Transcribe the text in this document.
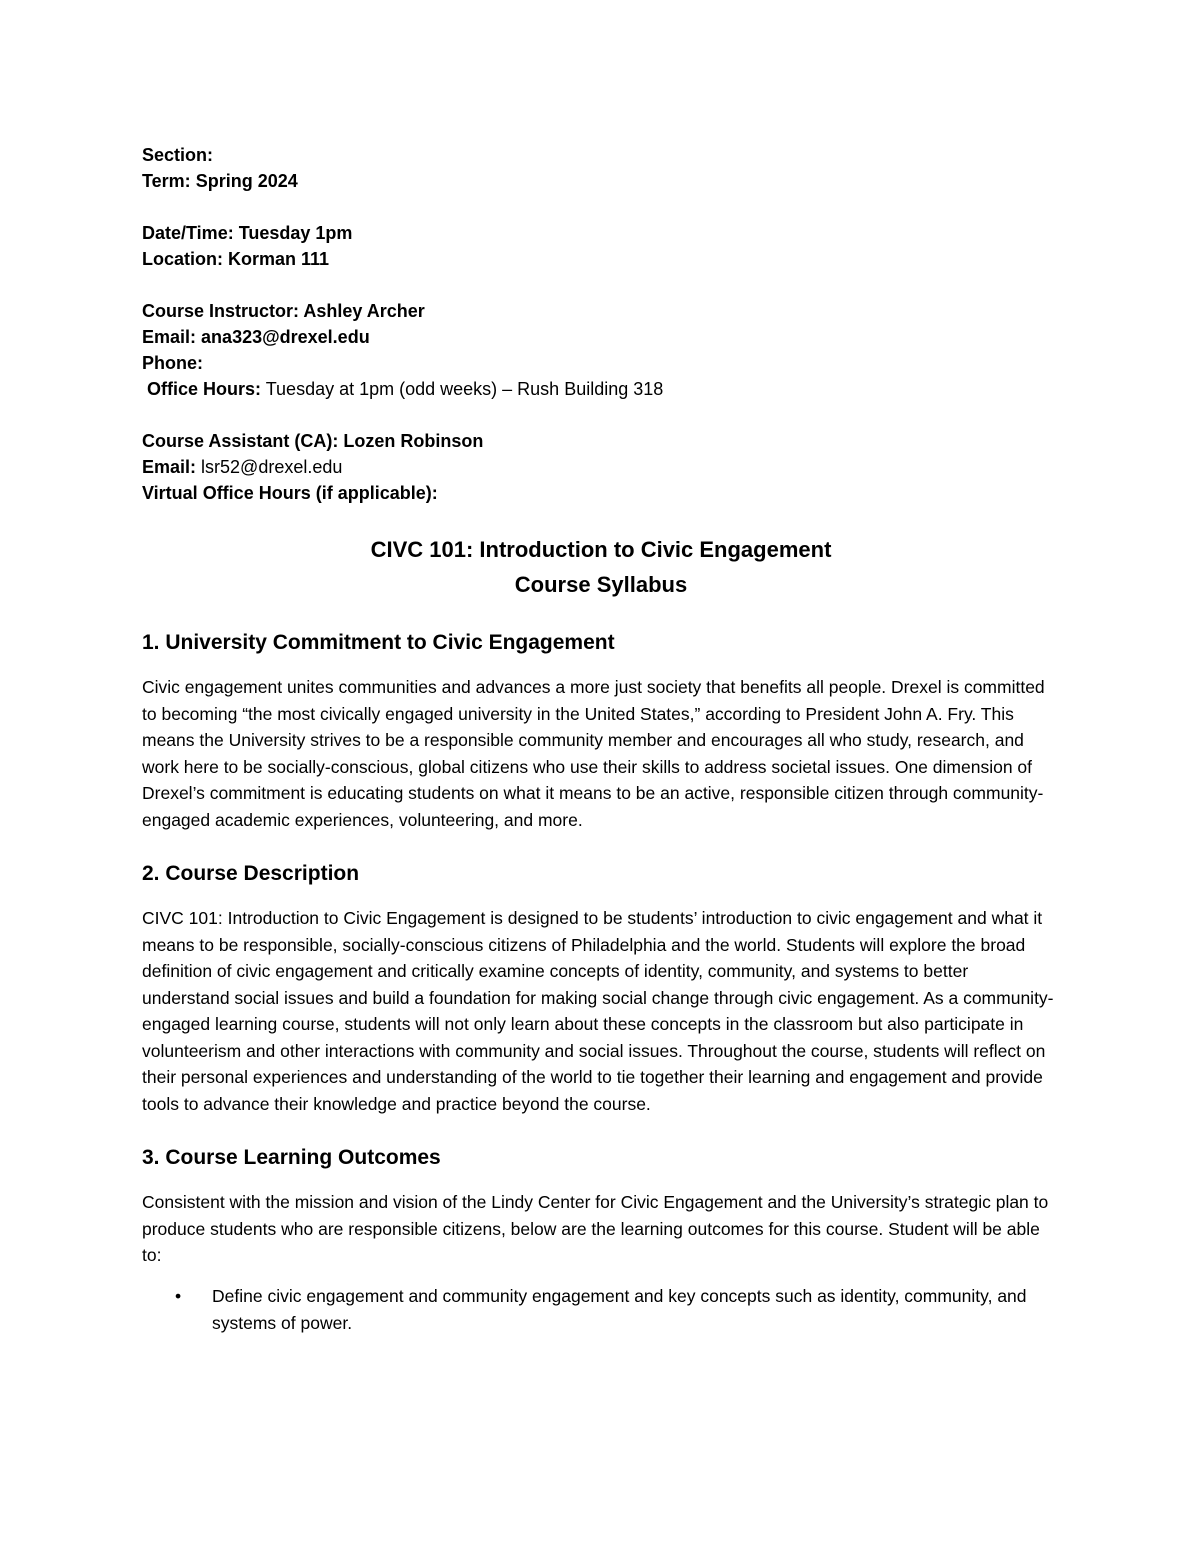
Section:
Term: Spring 2024
Date/Time: Tuesday 1pm
Location: Korman 111
Course Instructor: Ashley Archer
Email: ana323@drexel.edu
Phone:
Office Hours: Tuesday at 1pm (odd weeks) – Rush Building 318
Course Assistant (CA): Lozen Robinson
Email: lsr52@drexel.edu
Virtual Office Hours (if applicable):
CIVC 101: Introduction to Civic Engagement
Course Syllabus
1. University Commitment to Civic Engagement

Civic engagement unites communities and advances a more just society that benefits all people. Drexel is committed to becoming “the most civically engaged university in the United States,” according to President John A. Fry. This means the University strives to be a responsible community member and encourages all who study, research, and work here to be socially-conscious, global citizens who use their skills to address societal issues. One dimension of Drexel’s commitment is educating students on what it means to be an active, responsible citizen through community-engaged academic experiences, volunteering, and more.

2. Course Description

CIVC 101: Introduction to Civic Engagement is designed to be students’ introduction to civic engagement and what it means to be responsible, socially-conscious citizens of Philadelphia and the world. Students will explore the broad definition of civic engagement and critically examine concepts of identity, community, and systems to better understand social issues and build a foundation for making social change through civic engagement. As a community-engaged learning course, students will not only learn about these concepts in the classroom but also participate in volunteerism and other interactions with community and social issues. Throughout the course, students will reflect on their personal experiences and understanding of the world to tie together their learning and engagement and provide tools to advance their knowledge and practice beyond the course.

3. Course Learning Outcomes

Consistent with the mission and vision of the Lindy Center for Civic Engagement and the University’s strategic plan to produce students who are responsible citizens, below are the learning outcomes for this course. Student will be able to:

• Define civic engagement and community engagement and key concepts such as identity, community, and systems of power.
